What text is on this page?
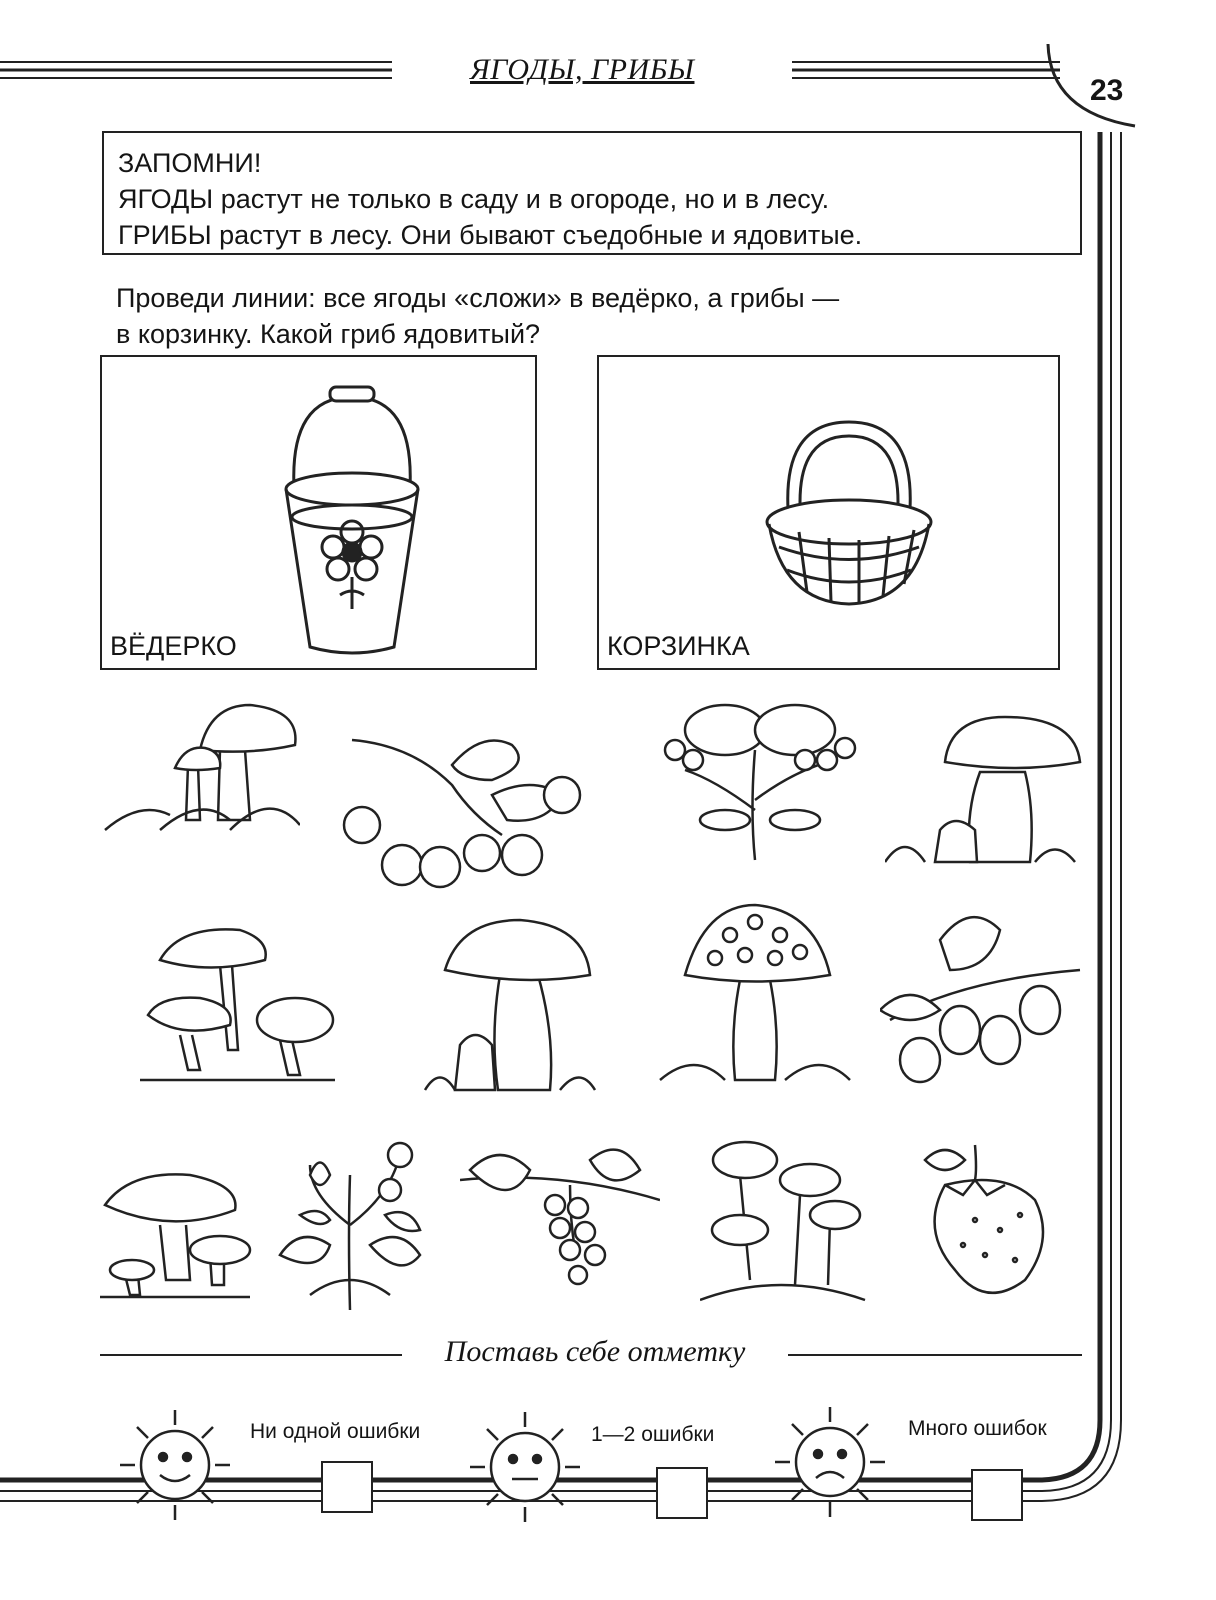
ЯГОДЫ, ГРИБЫ
23
ЗАПОМНИ!
ЯГОДЫ растут не только в саду и в огороде, но и в лесу.
ГРИБЫ растут в лесу. Они бывают съедобные и ядовитые.
Проведи линии: все ягоды «сложи» в ведёрко, а грибы —
в корзинку. Какой гриб ядовитый?
ВЁДЕРКО	КОРЗИНКА
Поставь себе отметку
Ни одной ошибки	1—2 ошибки	Много ошибок
